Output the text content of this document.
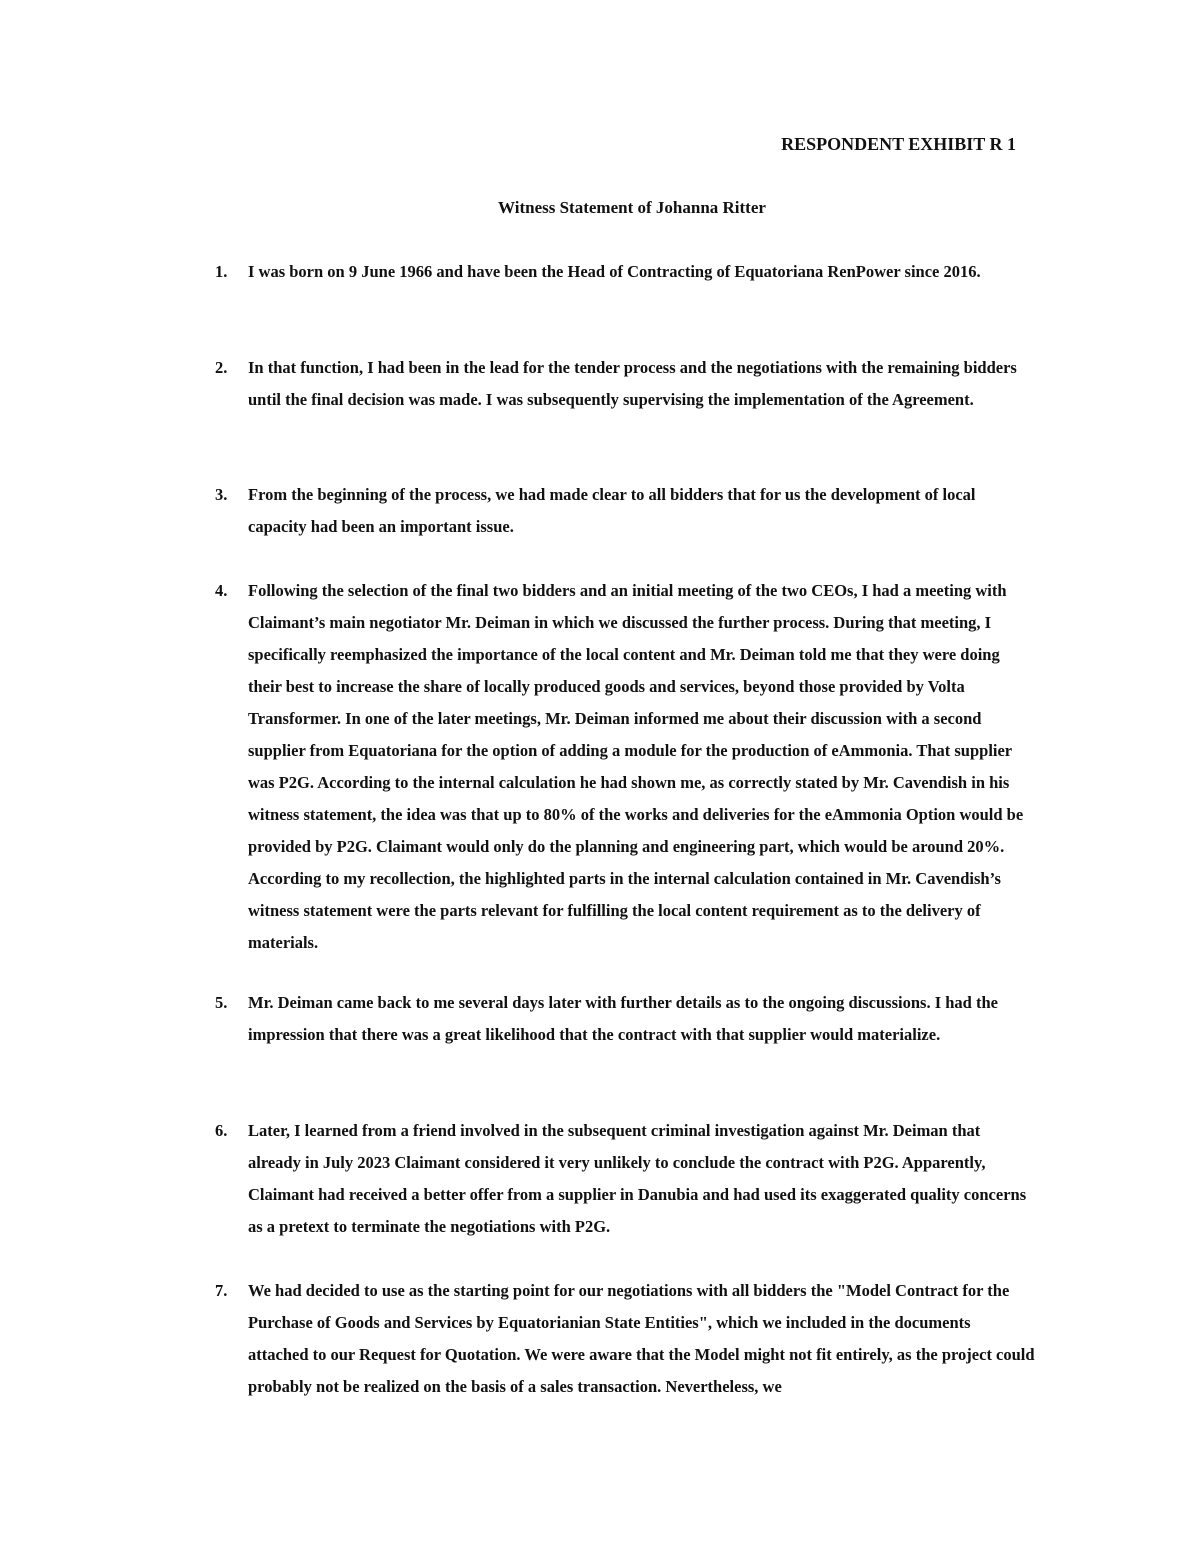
RESPONDENT EXHIBIT R 1
Witness Statement of Johanna Ritter
1.	I was born on 9 June 1966 and have been the Head of Contracting of Equatoriana RenPower since 2016.
2.	In that function, I had been in the lead for the tender process and the negotiations with the remaining bidders until the final decision was made. I was subsequently supervising the implementation of the Agreement.
3.	From the beginning of the process, we had made clear to all bidders that for us the development of local capacity had been an important issue.
4.	Following the selection of the final two bidders and an initial meeting of the two CEOs, I had a meeting with Claimant’s main negotiator Mr. Deiman in which we discussed the further process. During that meeting, I specifically reemphasized the importance of the local content and Mr. Deiman told me that they were doing their best to increase the share of locally produced goods and services, beyond those provided by Volta Transformer. In one of the later meetings, Mr. Deiman informed me about their discussion with a second supplier from Equatoriana for the option of adding a module for the production of eAmmonia. That supplier was P2G. According to the internal calculation he had shown me, as correctly stated by Mr. Cavendish in his witness statement, the idea was that up to 80% of the works and deliveries for the eAmmonia Option would be provided by P2G. Claimant would only do the planning and engineering part, which would be around 20%. According to my recollection, the highlighted parts in the internal calculation contained in Mr. Cavendish’s witness statement were the parts relevant for fulfilling the local content requirement as to the delivery of materials.
5.	Mr. Deiman came back to me several days later with further details as to the ongoing discussions. I had the impression that there was a great likelihood that the contract with that supplier would materialize.
6.	Later, I learned from a friend involved in the subsequent criminal investigation against Mr. Deiman that already in July 2023 Claimant considered it very unlikely to conclude the contract with P2G. Apparently, Claimant had received a better offer from a supplier in Danubia and had used its exaggerated quality concerns as a pretext to terminate the negotiations with P2G.
7.	We had decided to use as the starting point for our negotiations with all bidders the "Model Contract for the Purchase of Goods and Services by Equatorianian State Entities", which we included in the documents attached to our Request for Quotation. We were aware that the Model might not fit entirely, as the project could probably not be realized on the basis of a sales transaction. Nevertheless, we
